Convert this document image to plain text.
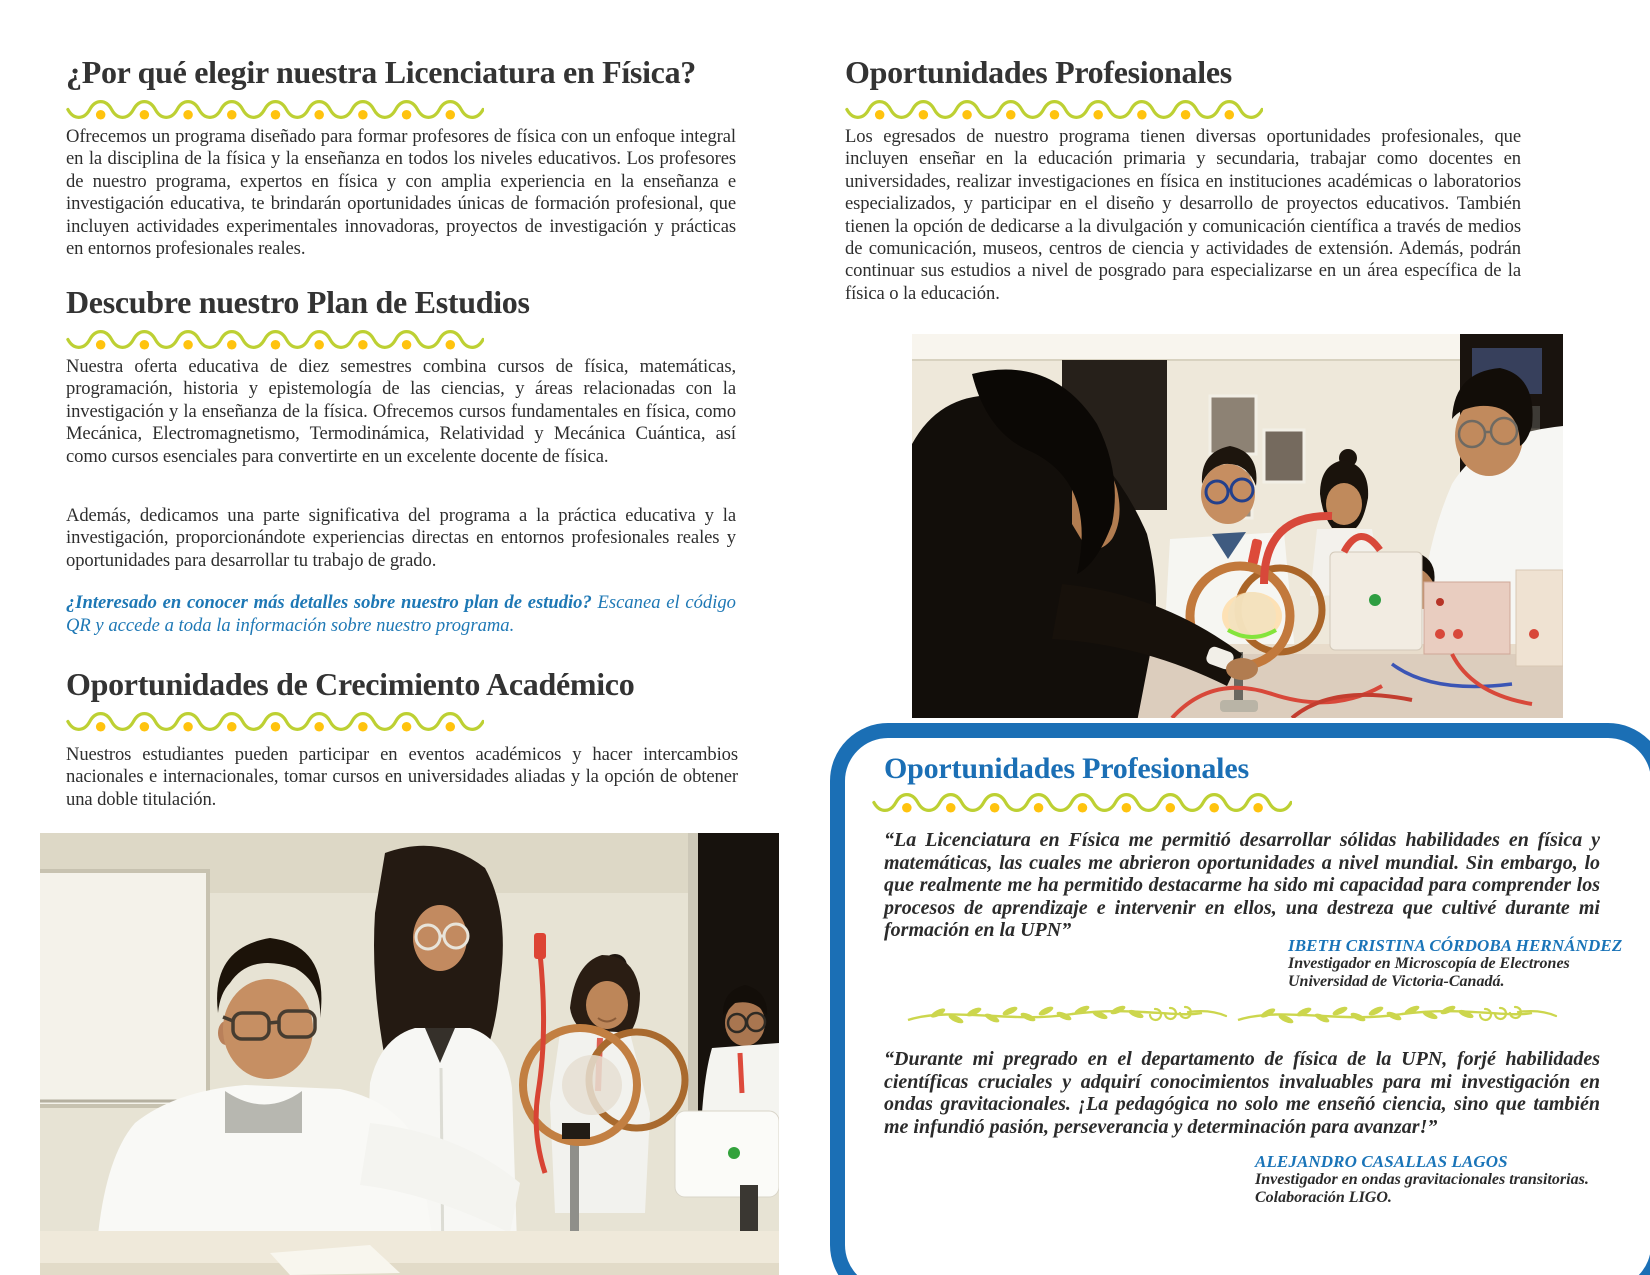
¿Por qué elegir nuestra Licenciatura en Física?

Ofrecemos un programa diseñado para formar profesores de física con un enfoque integral en la disciplina de la física y la enseñanza en todos los niveles educativos. Los profesores de nuestro programa, expertos en física y con amplia experiencia en la enseñanza e investigación educativa, te brindarán oportunidades únicas de formación profesional, que incluyen actividades experimentales innovadoras, proyectos de investigación y prácticas en entornos profesionales reales.

Descubre nuestro Plan de Estudios

Nuestra oferta educativa de diez semestres combina cursos de física, matemáticas, programación, historia y epistemología de las ciencias, y áreas relacionadas con la investigación y la enseñanza de la física. Ofrecemos cursos fundamentales en física, como Mecánica, Electromagnetismo, Termodinámica, Relatividad y Mecánica Cuántica, así como cursos esenciales para convertirte en un excelente docente de física.

Además, dedicamos una parte significativa del programa a la práctica educativa y la investigación, proporcionándote experiencias directas en entornos profesionales reales y oportunidades para desarrollar tu trabajo de grado.

¿Interesado en conocer más detalles sobre nuestro plan de estudio? Escanea el código QR y accede a toda la información sobre nuestro programa.

Oportunidades de Crecimiento Académico

Nuestros estudiantes pueden participar en eventos académicos y hacer intercambios nacionales e internacionales, tomar cursos en universidades aliadas y la opción de obtener una doble titulación.

Oportunidades Profesionales

Los egresados de nuestro programa tienen diversas oportunidades profesionales, que incluyen enseñar en la educación primaria y secundaria, trabajar como docentes en universidades, realizar investigaciones en física en instituciones académicas o laboratorios especializados, y participar en el diseño y desarrollo de proyectos educativos. También tienen la opción de dedicarse a la divulgación y comunicación científica a través de medios de comunicación, museos, centros de ciencia y actividades de extensión. Además, podrán continuar sus estudios a nivel de posgrado para especializarse en un área específica de la física o la educación.

Oportunidades Profesionales

“La Licenciatura en Física me permitió desarrollar sólidas habilidades en física y matemáticas, las cuales me abrieron oportunidades a nivel mundial. Sin embargo, lo que realmente me ha permitido destacarme ha sido mi capacidad para comprender los procesos de aprendizaje e intervenir en ellos, una destreza que cultivé durante mi formación en la UPN”

IBETH CRISTINA CÓRDOBA HERNÁNDEZ
Investigador en Microscopía de Electrones
Universidad de Victoria-Canadá.

“Durante mi pregrado en el departamento de física de la UPN, forjé habilidades científicas cruciales y adquirí conocimientos invaluables para mi investigación en ondas gravitacionales. ¡La pedagógica no solo me enseñó ciencia, sino que también me infundió pasión, perseverancia y determinación para avanzar!”

ALEJANDRO CASALLAS LAGOS
Investigador en ondas gravitacionales transitorias.
Colaboración LIGO.
